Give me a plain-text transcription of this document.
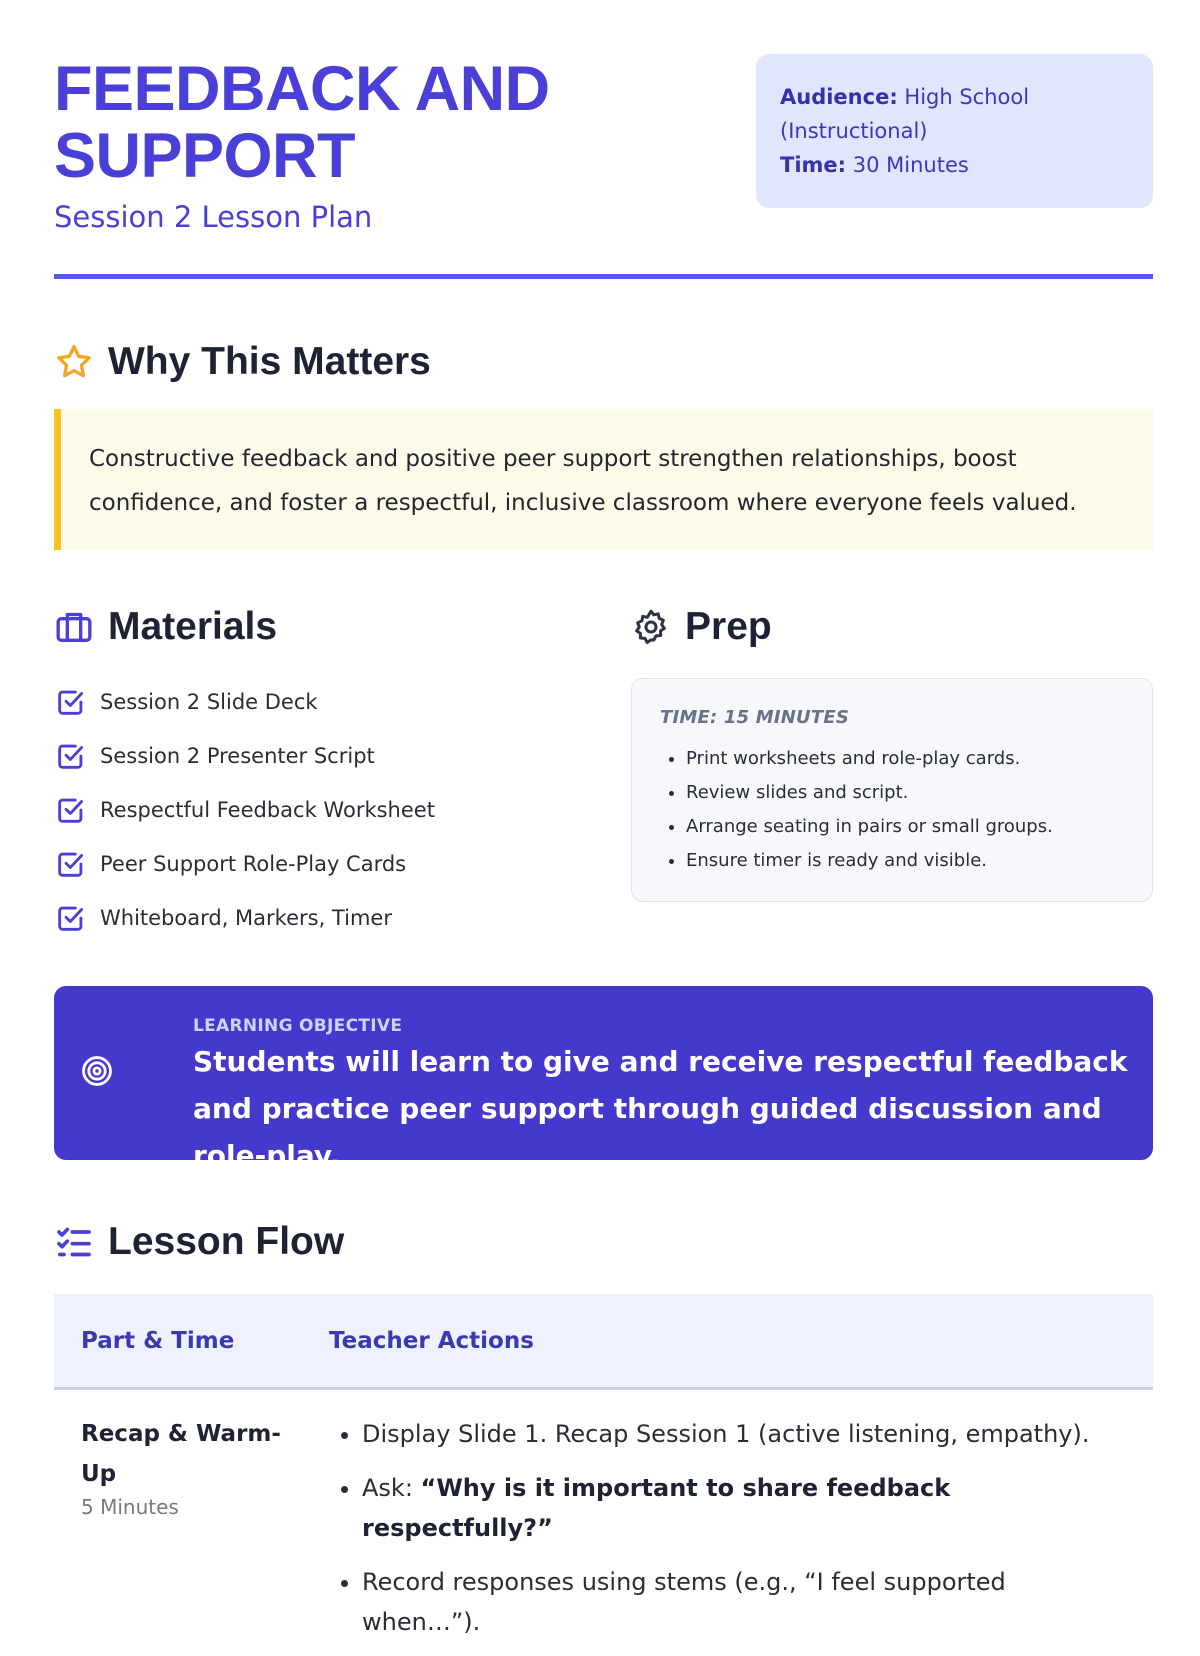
FEEDBACK AND
SUPPORT
Session 2 Lesson Plan
Audience: High School (Instructional)
Time: 30 Minutes
Why This Matters
Constructive feedback and positive peer support strengthen relationships, boost confidence, and foster a respectful, inclusive classroom where everyone feels valued.
Materials
Session 2 Slide Deck
Session 2 Presenter Script
Respectful Feedback Worksheet
Peer Support Role-Play Cards
Whiteboard, Markers, Timer
Prep
TIME: 15 MINUTES
• Print worksheets and role-play cards.
• Review slides and script.
• Arrange seating in pairs or small groups.
• Ensure timer is ready and visible.
LEARNING OBJECTIVE
Students will learn to give and receive respectful feedback and practice peer support through guided discussion and role-play.
Lesson Flow
Part & Time	Teacher Actions
Recap & Warm-Up
5 Minutes
• Display Slide 1. Recap Session 1 (active listening, empathy).
• Ask: “Why is it important to share feedback respectfully?”
• Record responses using stems (e.g., “I feel supported when…”).
